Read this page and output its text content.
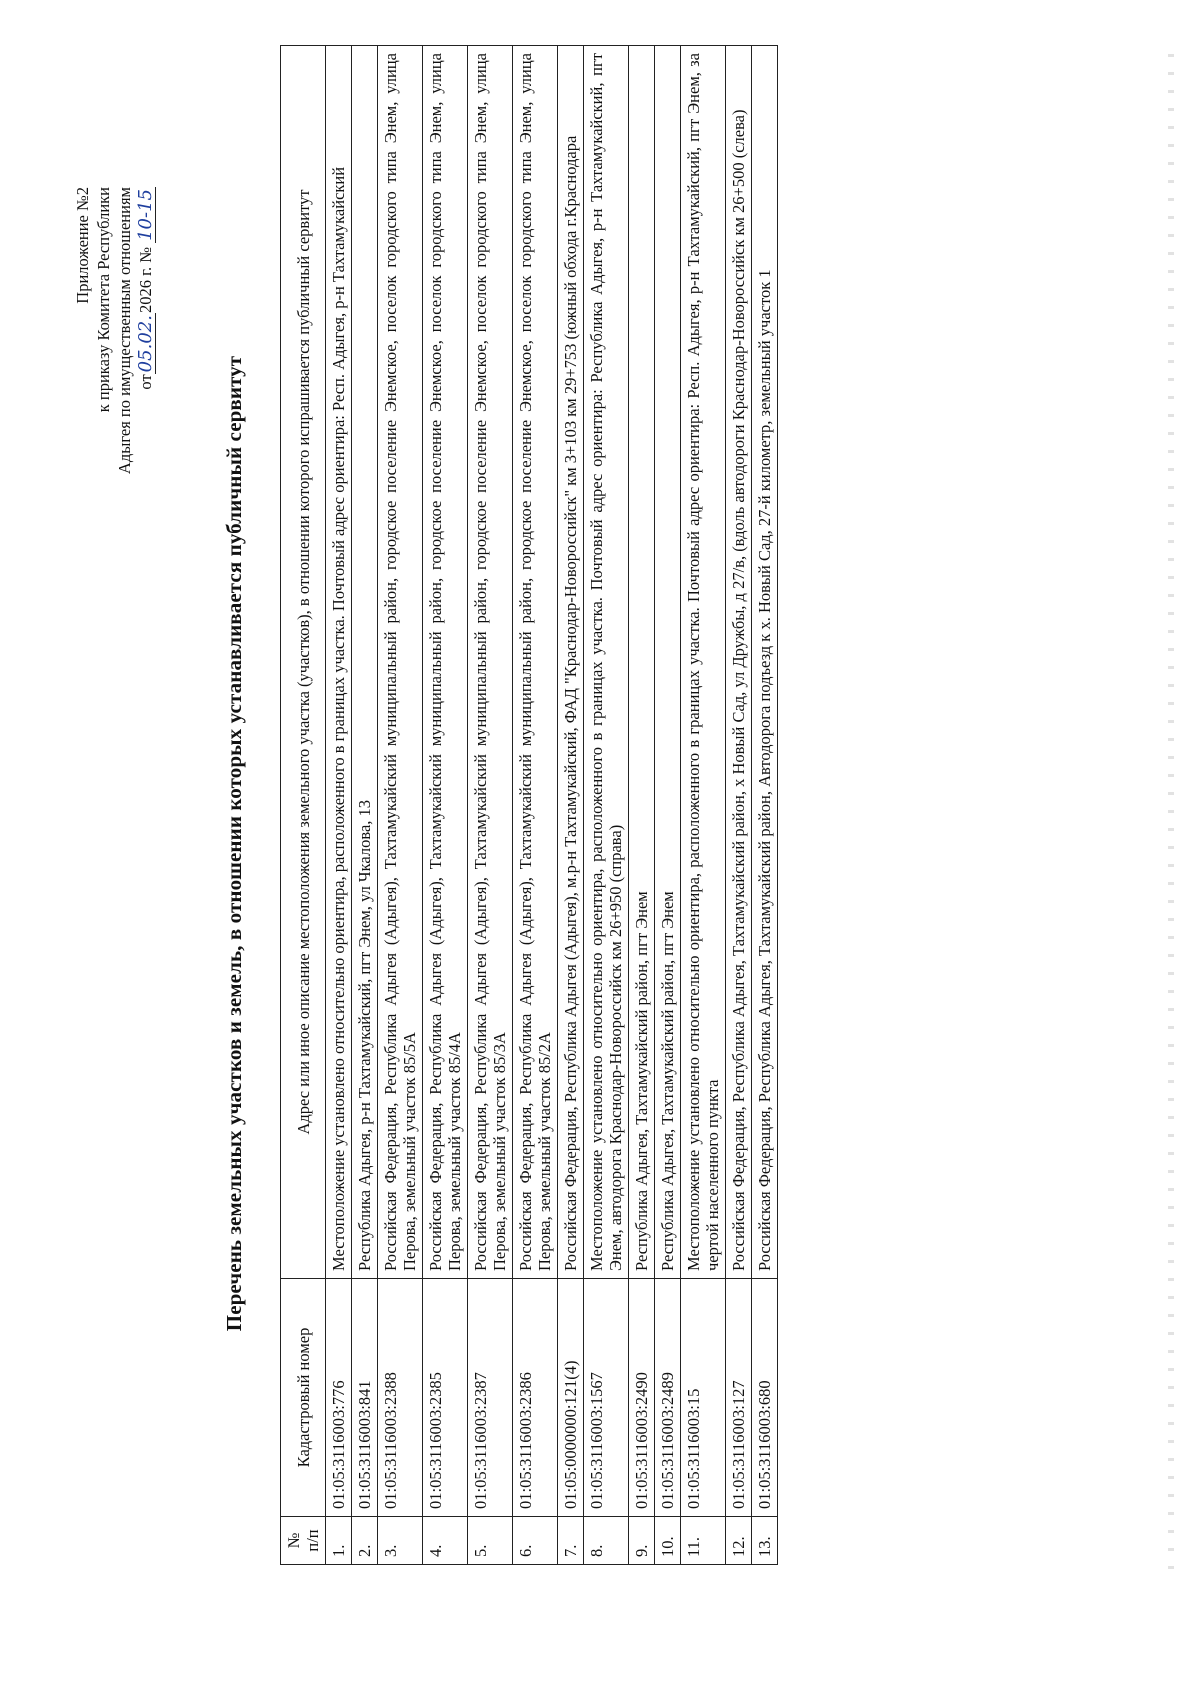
Приложение №2 к приказу Комитета Республики Адыгея по имущественным отношениям от05.02.2026 г. № 10-15
Перечень земельных участков и земель, в отношении которых устанавливается публичный сервитут
№ п/п	Кадастровый номер	Адрес или иное описание местоположения земельного участка (участков), в отношении которого испрашивается публичный сервитут
1.	01:05:3116003:776	Местоположение установлено относительно ориентира, расположенного в границах участка. Почтовый адрес ориентира: Респ. Адыгея, р-н Тахтамукайский
2.	01:05:3116003:841	Республика Адыгея, р-н Тахтамукайский, пгт Энем, ул Чкалова, 13
3.	01:05:3116003:2388	Российская Федерация, Республика Адыгея (Адыгея), Тахтамукайский муниципальный район, городское поселение Энемское, поселок городского типа Энем, улица Перова, земельный участок 85/5А
4.	01:05:3116003:2385	Российская Федерация, Республика Адыгея (Адыгея), Тахтамукайский муниципальный район, городское поселение Энемское, поселок городского типа Энем, улица Перова, земельный участок 85/4А
5.	01:05:3116003:2387	Российская Федерация, Республика Адыгея (Адыгея), Тахтамукайский муниципальный район, городское поселение Энемское, поселок городского типа Энем, улица Перова, земельный участок 85/3А
6.	01:05:3116003:2386	Российская Федерация, Республика Адыгея (Адыгея), Тахтамукайский муниципальный район, городское поселение Энемское, поселок городского типа Энем, улица Перова, земельный участок 85/2А
7.	01:05:0000000:121(4)	Российская Федерация, Республика Адыгея (Адыгея), м.р-н Тахтамукайский, ФАД "Краснодар-Новороссийск" км 3+103 км 29+753 (южный обхода г.Краснодара
8.	01:05:3116003:1567	Местоположение установлено относительно ориентира, расположенного в границах участка. Почтовый адрес ориентира: Республика Адыгея, р-н Тахтамукайский, пгт Энем, автодорога Краснодар-Новороссийск км 26+950 (справа)
9.	01:05:3116003:2490	Республика Адыгея, Тахтамукайский район, пгт Энем
10.	01:05:3116003:2489	Республика Адыгея, Тахтамукайский район, пгт Энем
11.	01:05:3116003:15	Местоположение установлено относительно ориентира, расположенного в границах участка. Почтовый адрес ориентира: Респ. Адыгея, р-н Тахтамукайский, пгт Энем, за чертой населенного пункта
12.	01:05:3116003:127	Российская Федерация, Республика Адыгея, Тахтамукайский район, х Новый Сад, ул Дружбы, д 27/в, (вдоль автодороги Краснодар-Новороссийск км 26+500 (слева)
13.	01:05:3116003:680	Российская Федерация, Республика Адыгея, Тахтамукайский район, Автодорога подъезд к х. Новый Сад, 27-й километр, земельный участок 1
